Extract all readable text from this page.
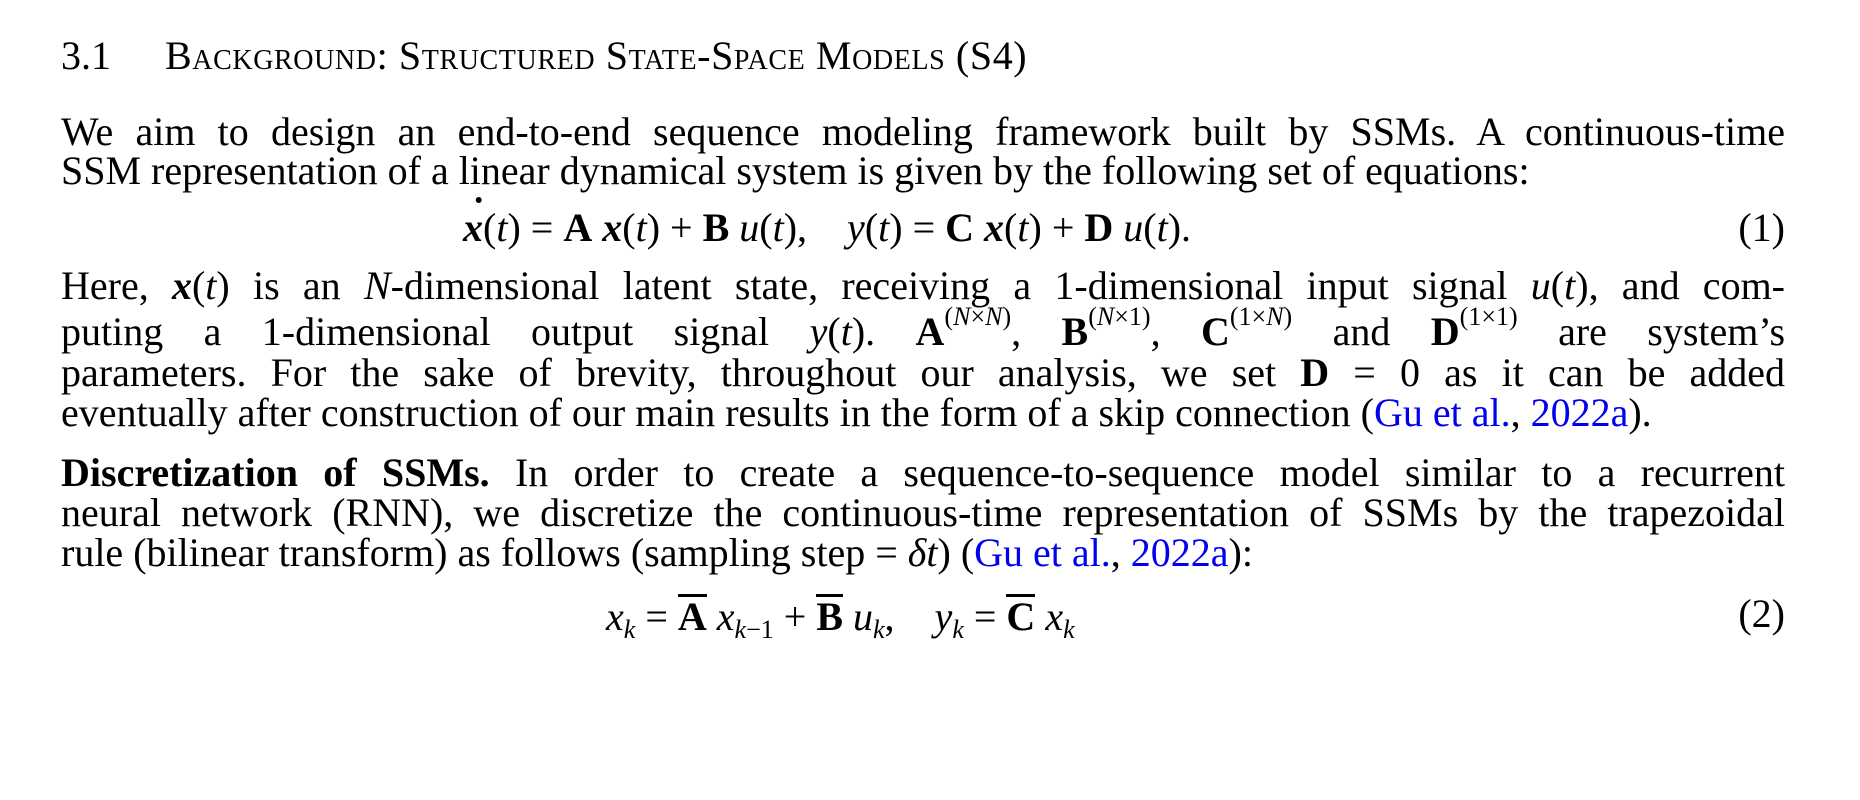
3.1 Background: Structured State-Space Models (S4)
We aim to design an end-to-end sequence modeling framework built by SSMs. A continuous-time
SSM representation of a linear dynamical system is given by the following set of equations:
˙ x(t) = A x(t) + B u(t), y(t) = C x(t) + D u(t).	(1)
Here, x(t) is an N-dimensional latent state, receiving a 1-dimensional input signal u(t), and com-
puting a 1-dimensional output signal y(t). $A^{(N\times N)}$, $B^{(N\times 1)}$, $C^{(1\times N)}$ and $D^{(1\times 1)}$ are system’s
parameters. For the sake of brevity, throughout our analysis, we set D = 0 as it can be added
eventually after construction of our main results in the form of a skip connection (Gu et al., 2022a).
Discretization of SSMs. In order to create a sequence-to-sequence model similar to a recurrent
neural network (RNN), we discretize the continuous-time representation of SSMs by the trapezoidal
rule (bilinear transform) as follows (sampling step = δt) (Gu et al., 2022a):
$x_k = A$ $x_{k-1} + B$ $u_k$, $y_k = C$ $x_k$	(2)
